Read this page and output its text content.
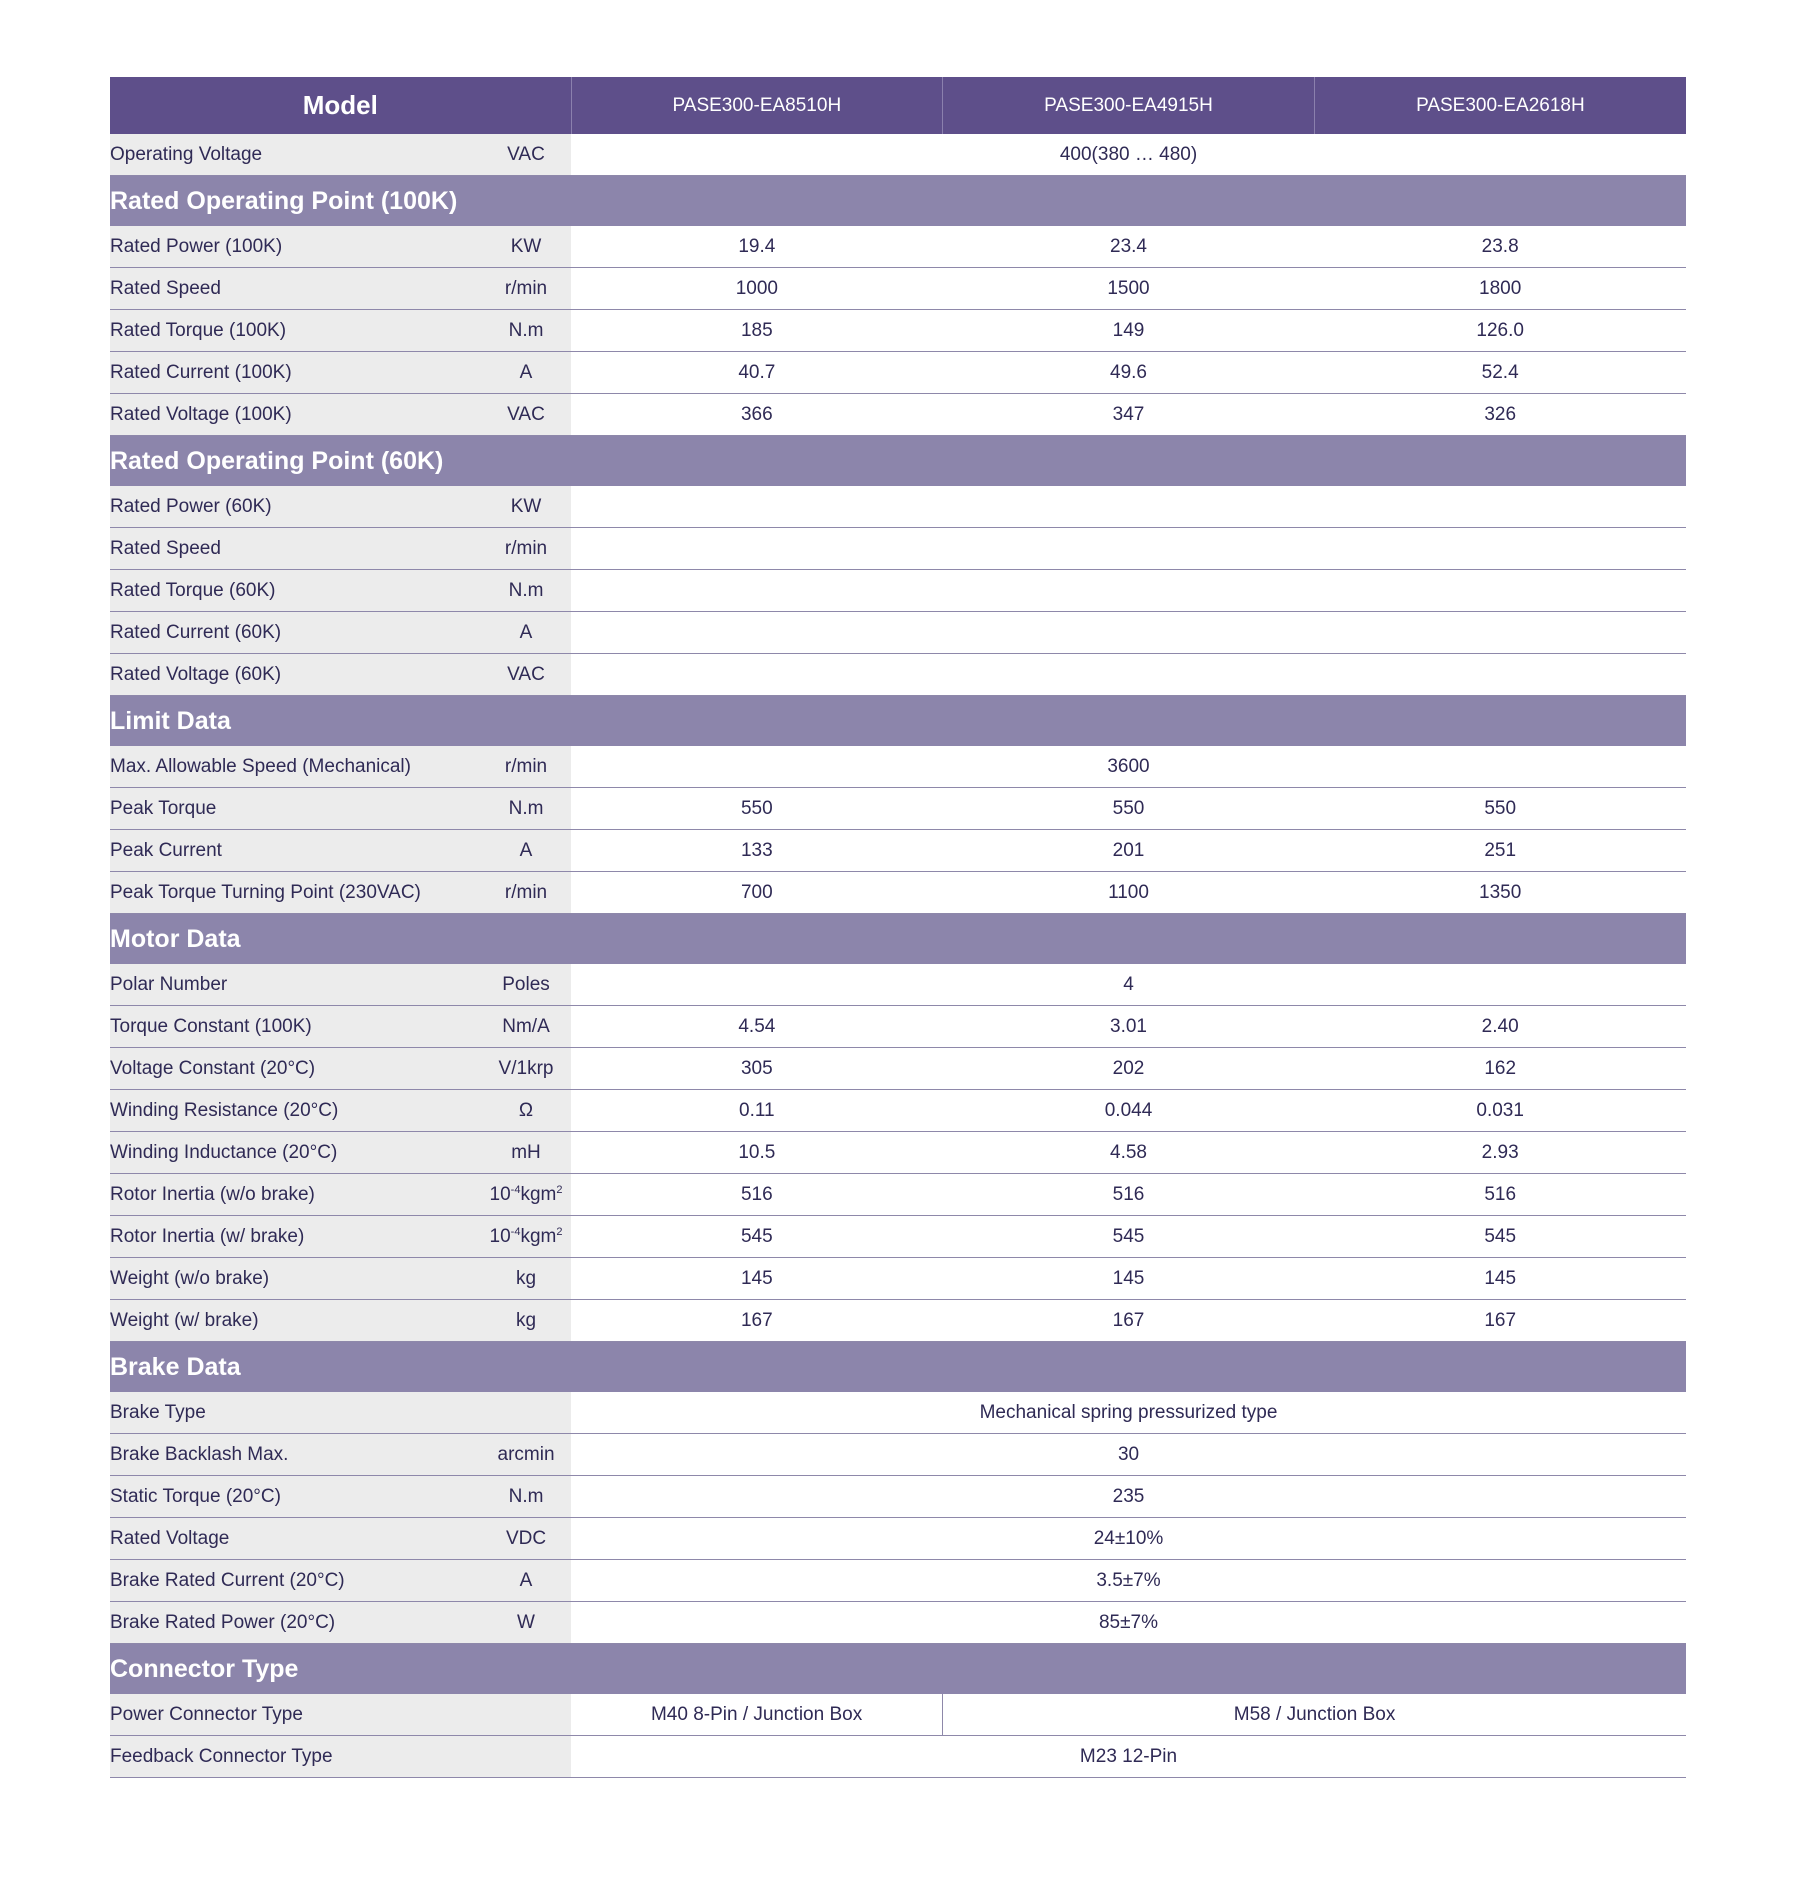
Model		PASE300-EA8510H	PASE300-EA4915H	PASE300-EA2618H
Operating Voltage	VAC	400(380 … 480)		
Rated Operating Point (100K)				
Rated Power (100K)	KW	19.4	23.4	23.8
Rated Speed	r/min	1000	1500	1800
Rated Torque (100K)	N.m	185	149	126.0
Rated Current (100K)	A	40.7	49.6	52.4
Rated Voltage (100K)	VAC	366	347	326
Rated Operating Point (60K)				
Rated Power (60K)	KW			
Rated Speed	r/min			
Rated Torque (60K)	N.m			
Rated Current (60K)	A			
Rated Voltage (60K)	VAC			
Limit Data				
Max. Allowable Speed (Mechanical)	r/min	3600		
Peak Torque	N.m	550	550	550
Peak Current	A	133	201	251
Peak Torque Turning Point (230VAC)	r/min	700	1100	1350
Motor Data				
Polar Number	Poles	4		
Torque Constant (100K)	Nm/A	4.54	3.01	2.40
Voltage Constant (20°C)	V/1krp	305	202	162
Winding Resistance (20°C)	Ω	0.11	0.044	0.031
Winding Inductance (20°C)	mH	10.5	4.58	2.93
Rotor Inertia (w/o brake)	$10^{-4}kgm^2$	516	516	516
Rotor Inertia (w/ brake)	$10^{-4}kgm^2$	545	545	545
Weight (w/o brake)	kg	145	145	145
Weight (w/ brake)	kg	167	167	167
Brake Data				
Brake Type		Mechanical spring pressurized type		
Brake Backlash Max.	arcmin	30		
Static Torque (20°C)	N.m	235		
Rated Voltage	VDC	24±10%		
Brake Rated Current (20°C)	A	3.5±7%		
Brake Rated Power (20°C)	W	85±7%		
Connector Type				
Power Connector Type		M40 8-Pin / Junction Box	M58 / Junction Box	
Feedback Connector Type		M23 12-Pin		
